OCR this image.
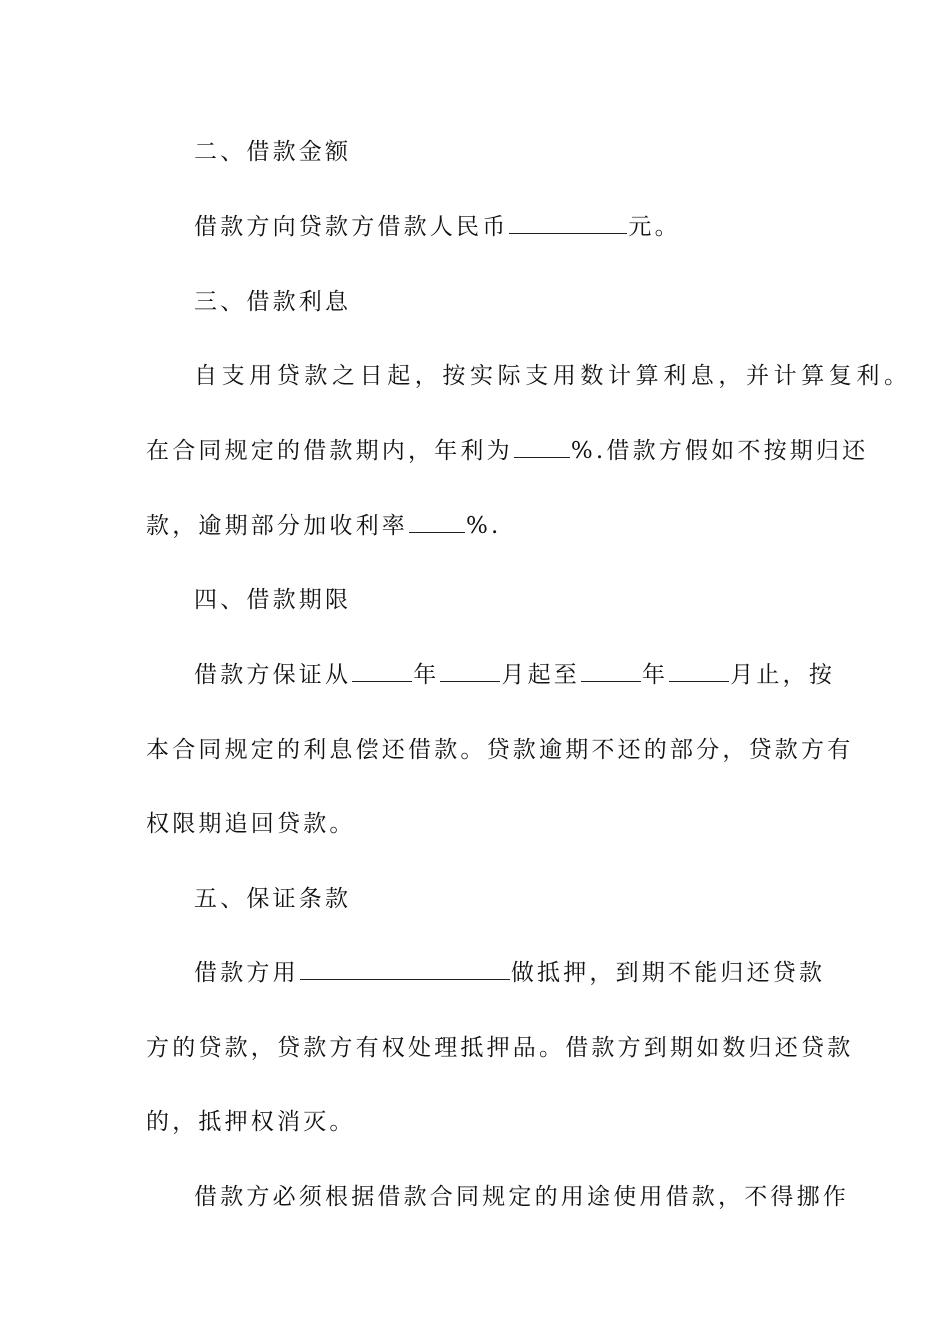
二、借款金额
借款方向贷款方借款人民币	元。
三、借款利息
自支用贷款之日起，按实际支用数计算利息，并计算复利。
在合同规定的借款期内，年利为	%.借款方假如不按期归还
款，逾期部分加收利率	%.
四、借款期限
借款方保证从	年	月起至	年	月止，按
本合同规定的利息偿还借款。贷款逾期不还的部分，贷款方有
权限期追回贷款。
五、保证条款
借款方用	做抵押，到期不能归还贷款
方的贷款，贷款方有权处理抵押品。借款方到期如数归还贷款
的，抵押权消灭。
借款方必须根据借款合同规定的用途使用借款，不得挪作
